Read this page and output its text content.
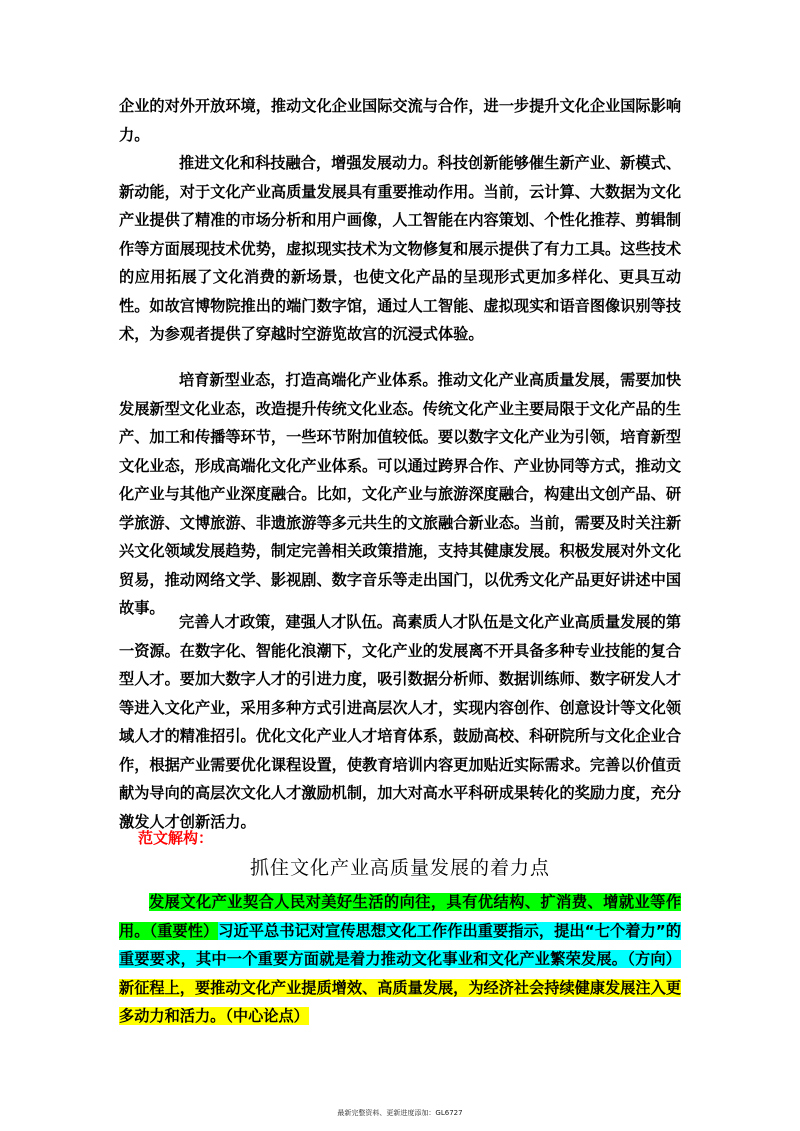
企业的对外开放环境，推动文化企业国际交流与合作，进一步提升文化企业国际影响力。

推进文化和科技融合，增强发展动力。科技创新能够催生新产业、新模式、新动能，对于文化产业高质量发展具有重要推动作用。当前，云计算、大数据为文化产业提供了精准的市场分析和用户画像，人工智能在内容策划、个性化推荐、剪辑制作等方面展现技术优势，虚拟现实技术为文物修复和展示提供了有力工具。这些技术的应用拓展了文化消费的新场景，也使文化产品的呈现形式更加多样化、更具互动性。如故宫博物院推出的端门数字馆，通过人工智能、虚拟现实和语音图像识别等技术，为参观者提供了穿越时空游览故宫的沉浸式体验。

培育新型业态，打造高端化产业体系。推动文化产业高质量发展，需要加快发展新型文化业态，改造提升传统文化业态。传统文化产业主要局限于文化产品的生产、加工和传播等环节，一些环节附加值较低。要以数字文化产业为引领，培育新型文化业态，形成高端化文化产业体系。可以通过跨界合作、产业协同等方式，推动文化产业与其他产业深度融合。比如，文化产业与旅游深度融合，构建出文创产品、研学旅游、文博旅游、非遗旅游等多元共生的文旅融合新业态。当前，需要及时关注新兴文化领域发展趋势，制定完善相关政策措施，支持其健康发展。积极发展对外文化贸易，推动网络文学、影视剧、数字音乐等走出国门，以优秀文化产品更好讲述中国故事。

完善人才政策，建强人才队伍。高素质人才队伍是文化产业高质量发展的第一资源。在数字化、智能化浪潮下，文化产业的发展离不开具备多种专业技能的复合型人才。要加大数字人才的引进力度，吸引数据分析师、数据训练师、数字研发人才等进入文化产业，采用多种方式引进高层次人才，实现内容创作、创意设计等文化领域人才的精准招引。优化文化产业人才培育体系，鼓励高校、科研院所与文化企业合作，根据产业需要优化课程设置，使教育培训内容更加贴近实际需求。完善以价值贡献为导向的高层次文化人才激励机制，加大对高水平科研成果转化的奖励力度，充分激发人才创新活力。

范文解构：
抓住文化产业高质量发展的着力点

发展文化产业契合人民对美好生活的向往，具有优结构、扩消费、增就业等作用。（重要性）习近平总书记对宣传思想文化工作作出重要指示，提出“七个着力”的重要要求，其中一个重要方面就是着力推动文化事业和文化产业繁荣发展。（方向）新征程上，要推动文化产业提质增效、高质量发展，为经济社会持续健康发展注入更多动力和活力。（中心论点）

最新完整资料、更新进度添加：GL6727
